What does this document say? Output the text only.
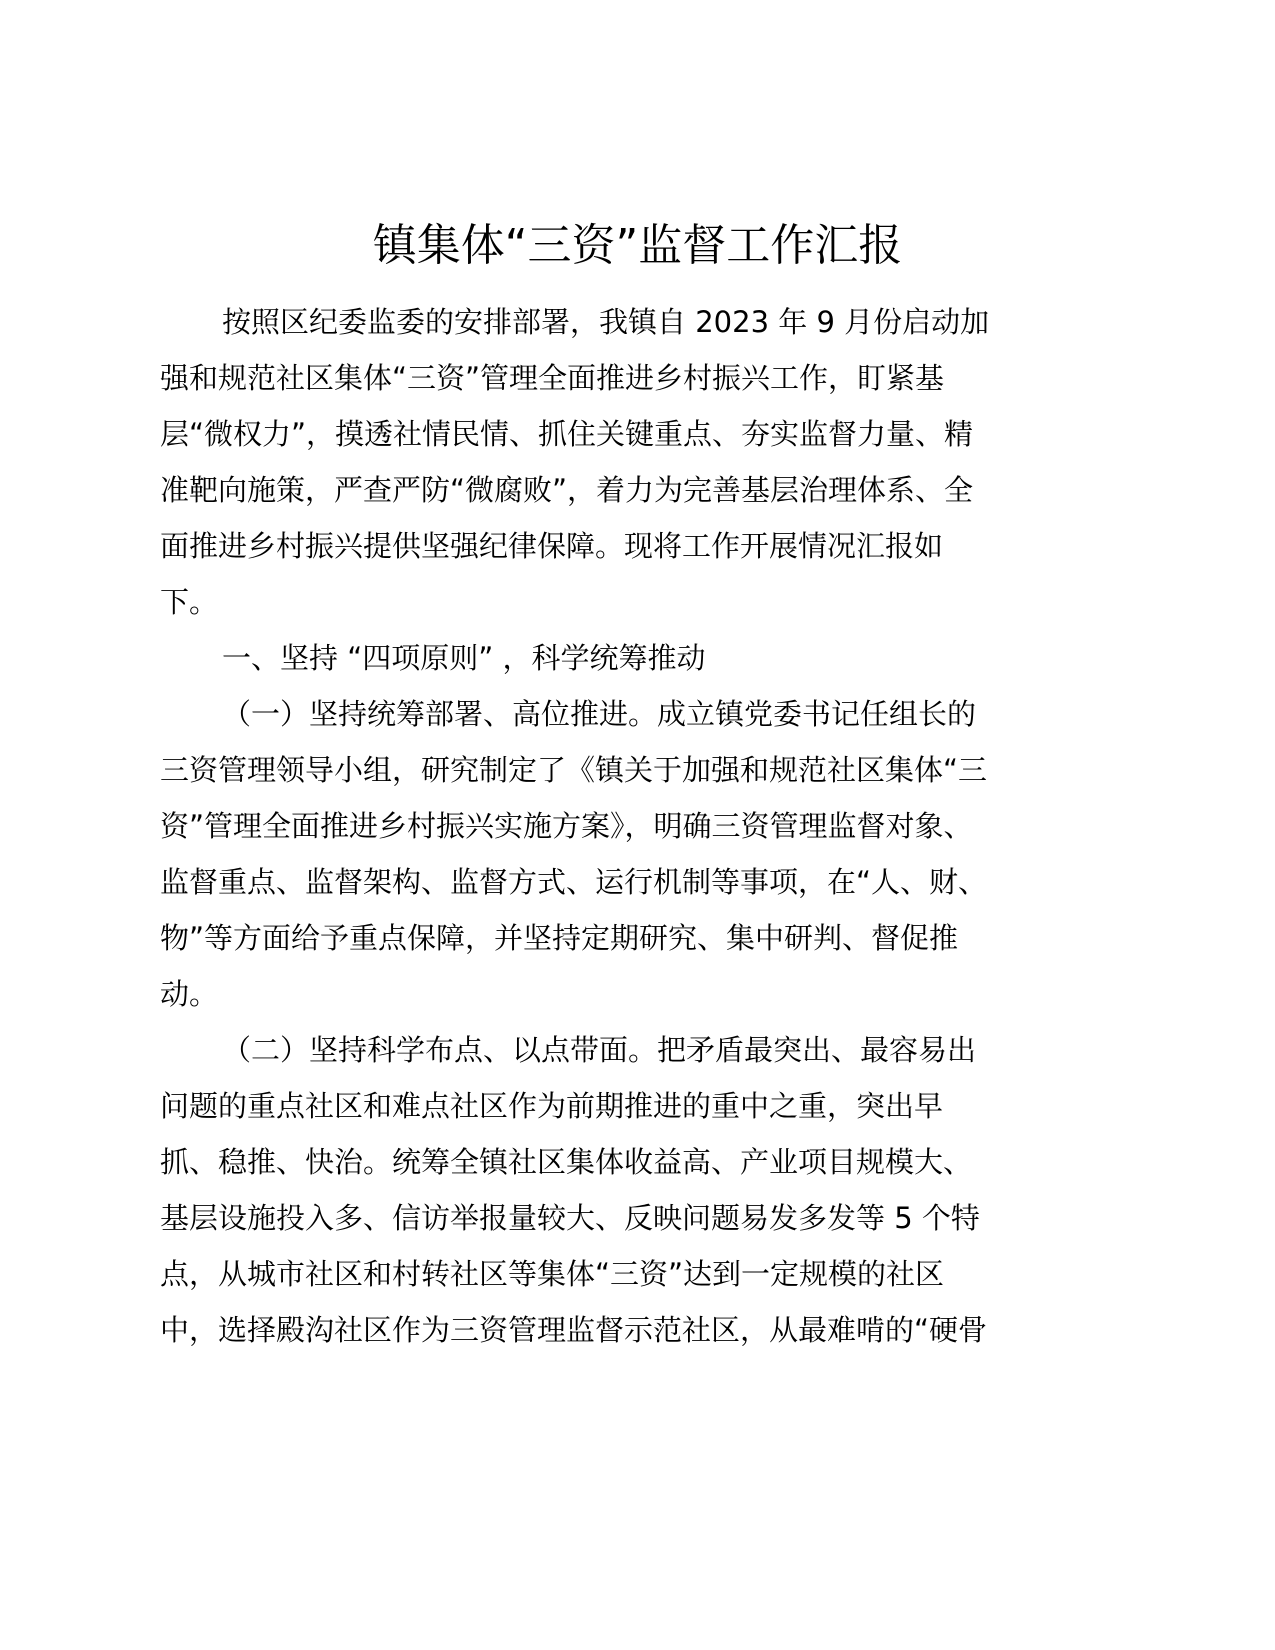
镇集体“三资”监督工作汇报
按照区纪委监委的安排部署，我镇自 2023 年 9 月份启动加
强和规范社区集体“三资”管理全面推进乡村振兴工作，盯紧基
层“微权力”，摸透社情民情、抓住关键重点、夯实监督力量、精
准靶向施策，严查严防“微腐败”，着力为完善基层治理体系、全
面推进乡村振兴提供坚强纪律保障。现将工作开展情况汇报如
下。
一、坚持 “四项原则” ，科学统筹推动
（一）坚持统筹部署、高位推进。成立镇党委书记任组长的
三资管理领导小组，研究制定了《镇关于加强和规范社区集体“三
资”管理全面推进乡村振兴实施方案》，明确三资管理监督对象、
监督重点、监督架构、监督方式、运行机制等事项，在“人、财、
物”等方面给予重点保障，并坚持定期研究、集中研判、督促推
动。
（二）坚持科学布点、以点带面。把矛盾最突出、最容易出
问题的重点社区和难点社区作为前期推进的重中之重，突出早
抓、稳推、快治。统筹全镇社区集体收益高、产业项目规模大、
基层设施投入多、信访举报量较大、反映问题易发多发等 5 个特
点，从城市社区和村转社区等集体“三资”达到一定规模的社区
中，选择殿沟社区作为三资管理监督示范社区，从最难啃的“硬骨
